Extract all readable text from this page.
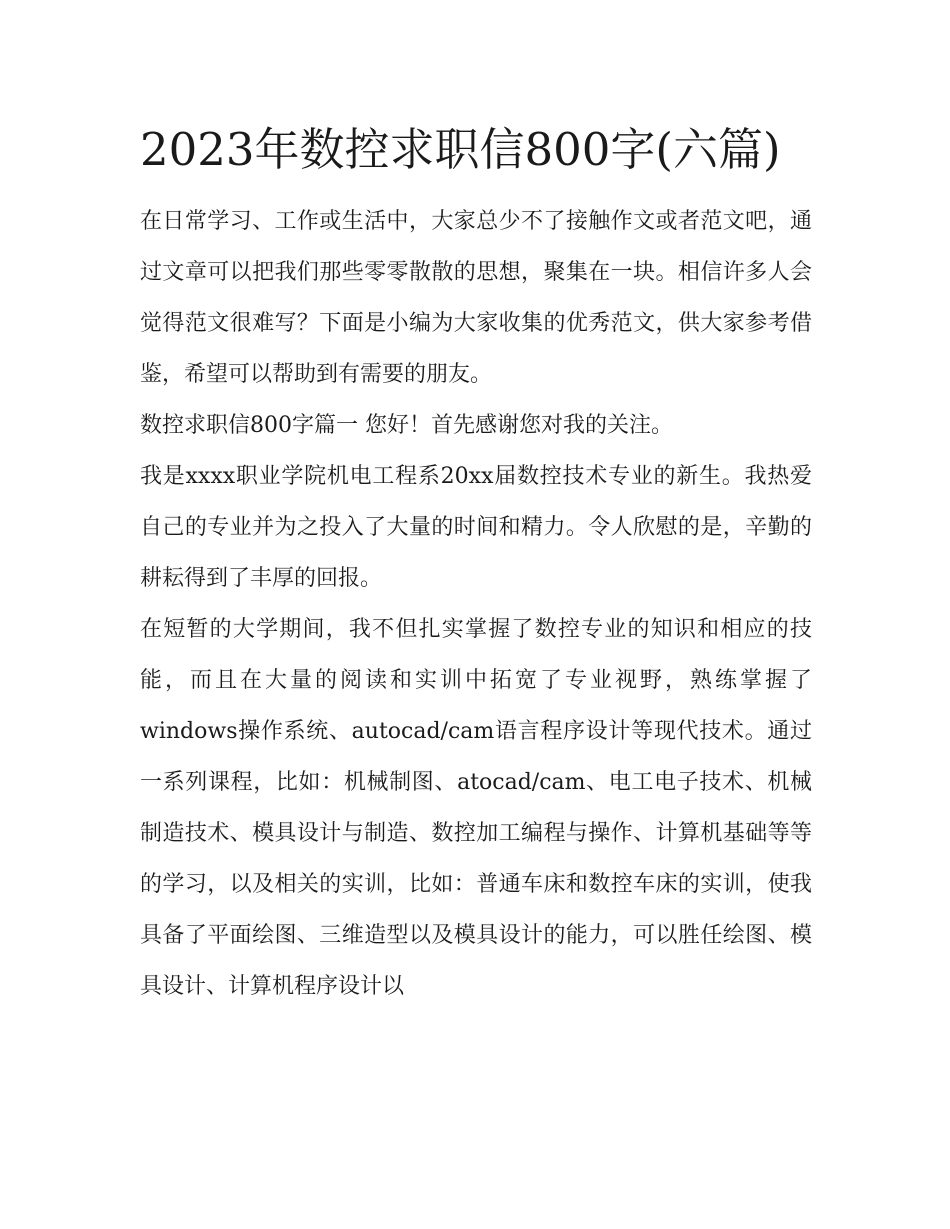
2023年数控求职信800字(六篇)

在日常学习、工作或生活中，大家总少不了接触作文或者范文吧，通过文章可以把我们那些零零散散的思想，聚集在一块。相信许多人会觉得范文很难写？下面是小编为大家收集的优秀范文，供大家参考借鉴，希望可以帮助到有需要的朋友。

数控求职信800字篇一 您好！首先感谢您对我的关注。

我是xxxx职业学院机电工程系20xx届数控技术专业的新生。我热爱自己的专业并为之投入了大量的时间和精力。令人欣慰的是，辛勤的耕耘得到了丰厚的回报。

在短暂的大学期间，我不但扎实掌握了数控专业的知识和相应的技能，而且在大量的阅读和实训中拓宽了专业视野，熟练掌握了windows操作系统、autocad/cam语言程序设计等现代技术。通过一系列课程，比如：机械制图、atocad/cam、电工电子技术、机械制造技术、模具设计与制造、数控加工编程与操作、计算机基础等等的学习，以及相关的实训，比如：普通车床和数控车床的实训，使我具备了平面绘图、三维造型以及模具设计的能力，可以胜任绘图、模具设计、计算机程序设计以
